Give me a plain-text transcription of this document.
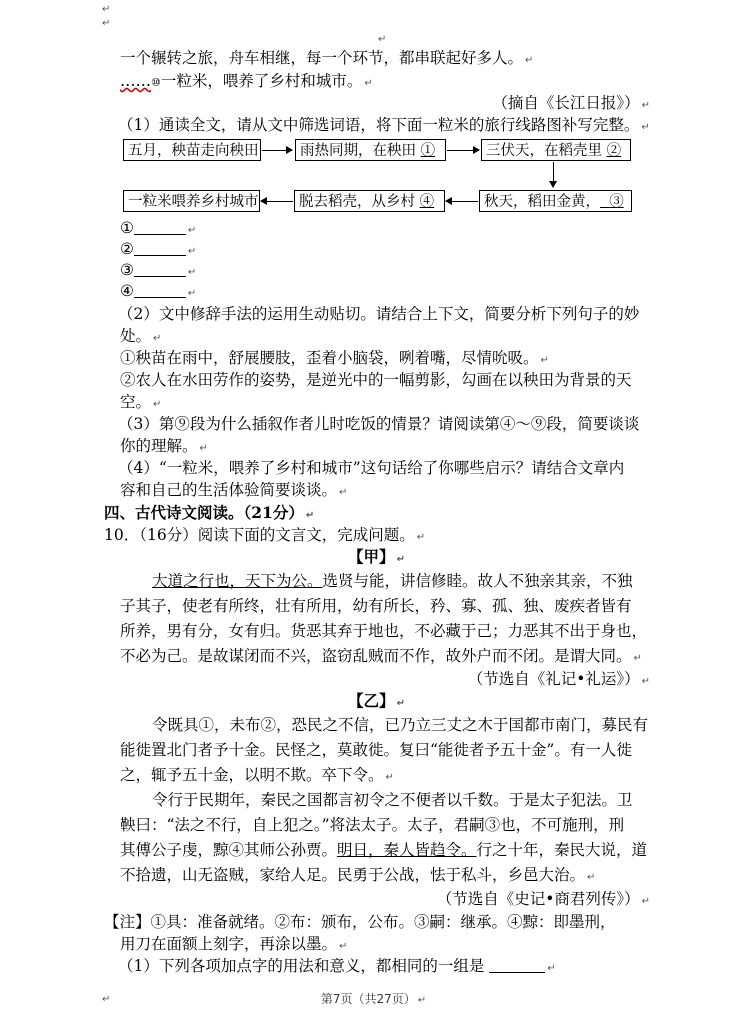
↵
↵
↵
一个辗转之旅，舟车相继，每一个环节，都串联起好多人。 ↵
……⑩一粒米，喂养了乡村和城市。 ↵
（摘自《长江日报》） ↵
（1）通读全文，请从文中筛选词语，将下面一粒米的旅行线路图补写完整。 ↵
五月，秧苗走向秧田	雨热同期，在秧田 ①	三伏天，在稻壳里 ②
秋天，稻田金黄， ③
脱去稻壳，从乡村 ④
一粒米喂养乡村城市
①	↵
②	↵
③	↵
④	↵
（2）文中修辞手法的运用生动贴切。请结合上下文，简要分析下列句子的妙
处。 ↵
①秧苗在雨中，舒展腰肢，歪着小脑袋，咧着嘴，尽情吮吸。 ↵
②农人在水田劳作的姿势，是逆光中的一幅剪影，勾画在以秧田为背景的天
空。 ↵
（3）第⑨段为什么插叙作者儿时吃饭的情景？请阅读第④～⑨段，简要谈谈
你的理解。 ↵
（4）“一粒米，喂养了乡村和城市”这句话给了你哪些启示？请结合文章内
容和自己的生活体验简要谈谈。 ↵
四、古代诗文阅读。（21分） ↵
10．（16分）阅读下面的文言文，完成问题。 ↵
【甲】 ↵
大道之行也，天下为公。选贤与能，讲信修睦。故人不独亲其亲，不独
子其子，使老有所终，壮有所用，幼有所长，矜、寡、孤、独、废疾者皆有
所养，男有分，女有归。货恶其弃于地也，不必藏于己；力恶其不出于身也，
不必为己。是故谋闭而不兴，盗窃乱贼而不作，故外户而不闭。是谓大同。 ↵
（节选自《礼记•礼运》） ↵
【乙】 ↵
令既具①，未布②，恐民之不信，已乃立三丈之木于国都市南门，募民有
能徙置北门者予十金。民怪之，莫敢徙。复曰“能徙者予五十金”。有一人徙
之，辄予五十金，以明不欺。卒下令。 ↵
令行于民期年，秦民之国都言初令之不便者以千数。于是太子犯法。卫
鞅曰：“法之不行，自上犯之。”将法太子。太子，君嗣③也，不可施刑，刑
其傅公子虔，黥④其师公孙贾。明日，秦人皆趋令。行之十年，秦民大说，道
不拾遗，山无盗贼，家给人足。民勇于公战，怯于私斗，乡邑大治。 ↵
（节选自《史记•商君列传》） ↵
【注】①具：准备就绪。②布：颁布，公布。③嗣：继承。④黥：即墨刑，
用刀在面额上刻字，再涂以墨。 ↵
（1）下列各项加点字的用法和意义，都相同的一组是	↵
第7页（共27页） ↵
↵
